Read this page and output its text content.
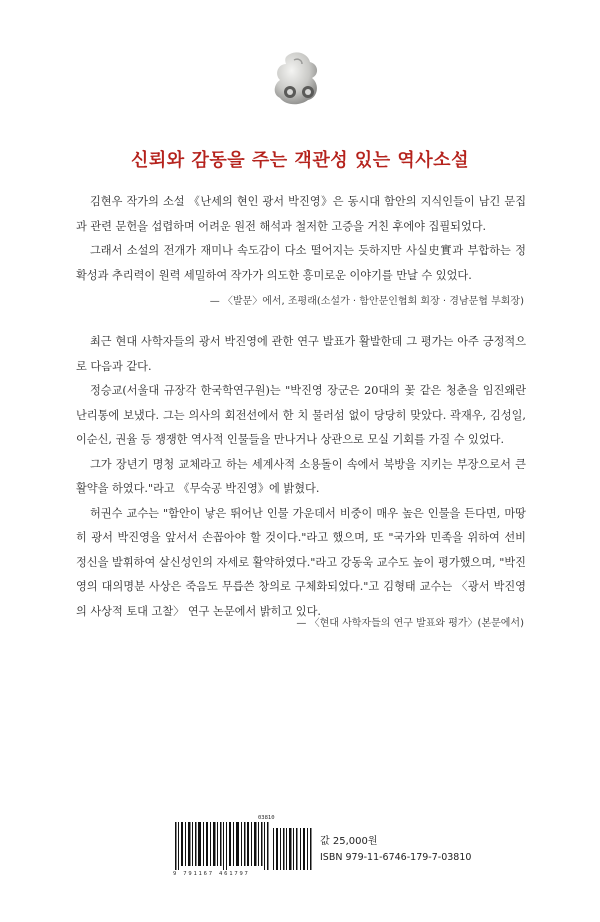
신뢰와 감동을 주는 객관성 있는 역사소설

김현우 작가의 소설 《난세의 현인 광서 박진영》은 동시대 함안의 지식인들이 남긴 문집과 관련 문헌을 섭렵하며 어려운 원전 해석과 철저한 고증을 거친 후에야 집필되었다.

그래서 소설의 전개가 재미나 속도감이 다소 떨어지는 듯하지만 사실史實과 부합하는 정확성과 추리력이 원력 세밀하여 작가가 의도한 흥미로운 이야기를 만날 수 있었다.

— 〈발문〉에서, 조평래(소설가 · 함안문인협회 회장 · 경남문협 부회장)

최근 현대 사학자들의 광서 박진영에 관한 연구 발표가 활발한데 그 평가는 아주 긍정적으로 다음과 같다.

정승교(서울대 규장각 한국학연구원)는 "박진영 장군은 20대의 꽃 같은 청춘을 임진왜란 난리통에 보냈다. 그는 의사의 회전선에서 한 치 물러섬 없이 당당히 맞았다. 곽재우, 김성일, 이순신, 권율 등 쟁쟁한 역사적 인물들을 만나거나 상관으로 모실 기회를 가질 수 있었다.

그가 장년기 명청 교체라고 하는 세계사적 소용돌이 속에서 북방을 지키는 부장으로서 큰 활약을 하였다."라고 《무숙공 박진영》에 밝혔다.

허권수 교수는 "함안이 낳은 뛰어난 인물 가운데서 비중이 매우 높은 인물을 든다면, 마땅히 광서 박진영을 앞서서 손꼽아야 할 것이다."라고 했으며, 또 "국가와 민족을 위하여 선비 정신을 발휘하여 살신성인의 자세로 활약하였다."라고 강동욱 교수도 높이 평가했으며, "박진영의 대의명분 사상은 죽음도 무릅쓴 창의로 구체화되었다."고 김형태 교수는 〈광서 박진영의 사상적 토대 고찰〉 연구 논문에서 밝히고 있다.

— 〈현대 사학자들의 연구 발표와 평가〉(본문에서)
03810
9 791167 461797
값 25,000원
ISBN 979-11-6746-179-7-03810
